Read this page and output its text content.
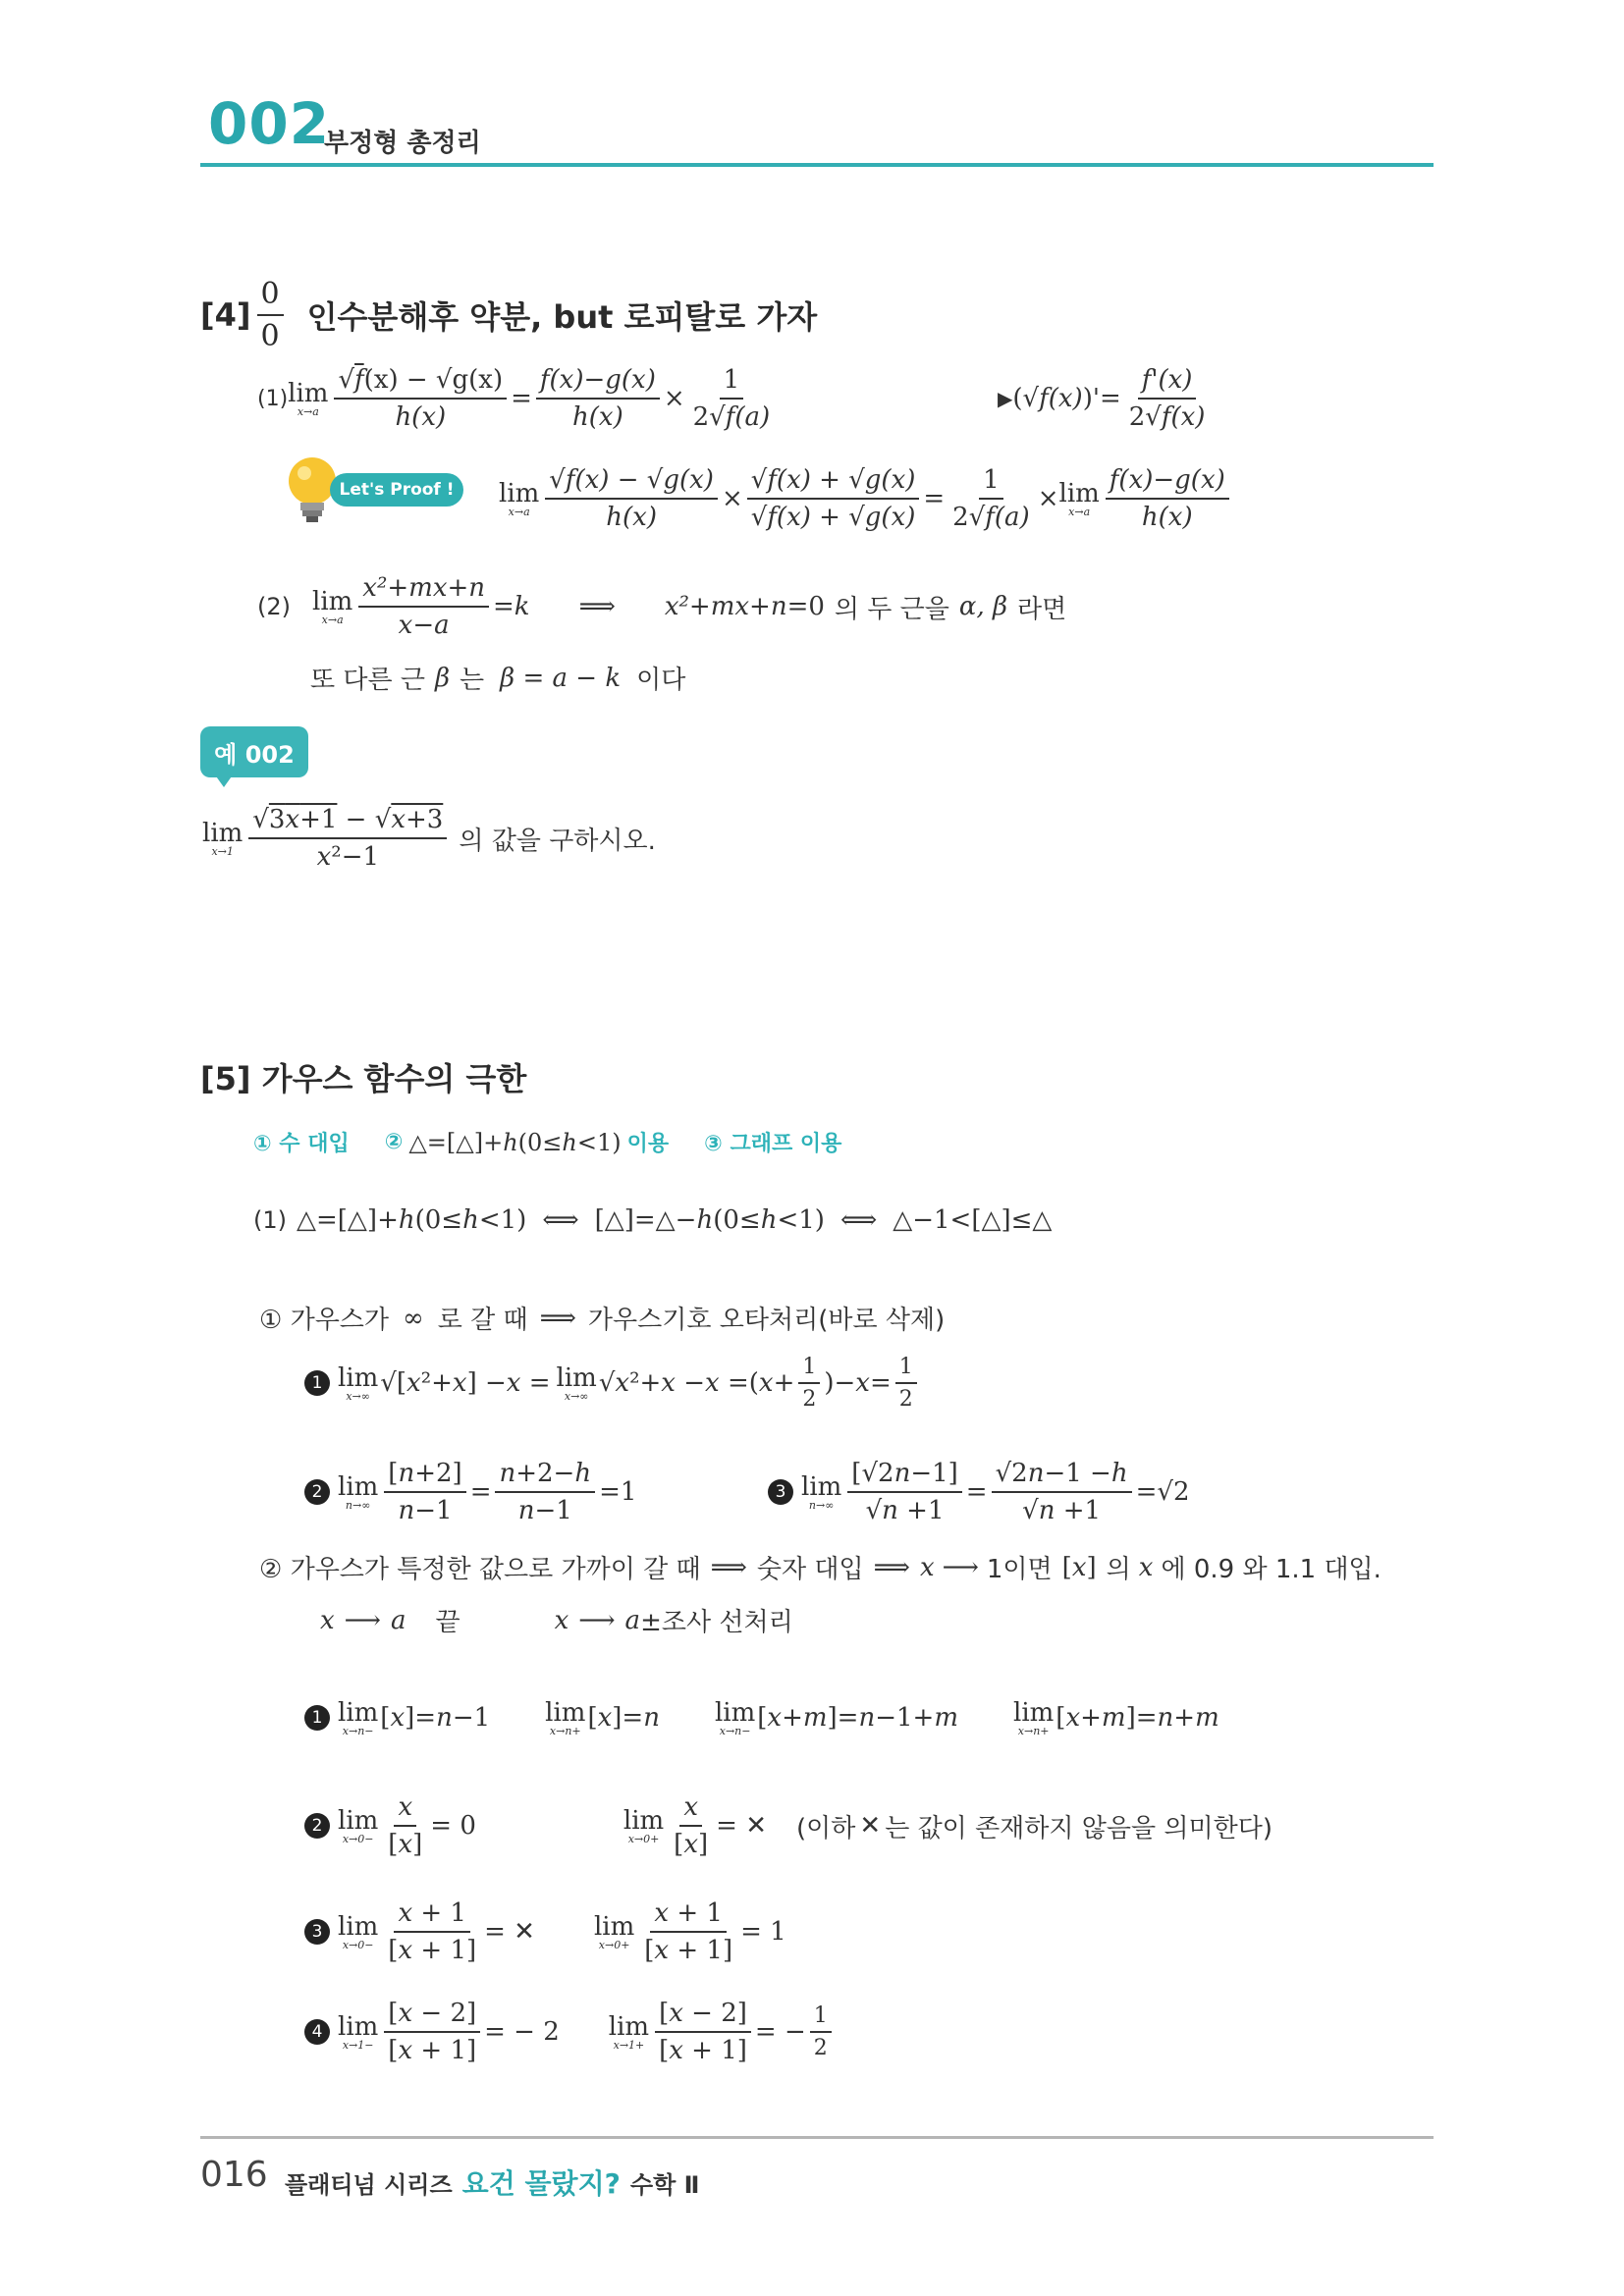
002
부정형 총정리
$[4] \frac{0}{0}$ 인수분해후 약분, but 로피탈로 가자
(1) lim
$x\to a \frac{√f(x) - √g(x)}{h(x)} = \frac{f(x)-g(x)}{h(x)} \times \frac{1}{2√f(a)}$	▶ $(√f(x))'= \frac{f'(x)}{2√f(x)}$
Let's Proof !	lim
$x\to a \frac{√f(x) - √g(x)}{h(x)} \times \frac{√f(x) + √g(x)}{√f(x) + √g(x)} = \frac{1}{2√f(a)} \times \lim$
$x\to a \frac{f(x)-g(x)}{h(x)}$
(2) lim
$x\to a \frac{\text{x²+mx+n}}{x-a} =k$ ⟹ x²+mx+n =0 의 두 근을 α, β 라면
또 다른 근 β 는 β = a − k 이다
예 002
lim
$x\to 1 \frac{√3x+1 - √x+3}{\text{x²−1}}$ 의 값을 구하시오.
[5] 가우스 함수의 극한
① 수 대입 ② △=[△]+h(0≤h<1) 이용 ③ 그래프 이용
(1) △=[△]+h(0≤h<1) ⟺ [△]=△−h(0≤h<1) ⟺ △−1<[△]≤△
① 가우스가 ∞ 로 갈 때 ⟹ 가우스기호 오타처리(바로 삭제)
1 lim
x→∞ √[x²+x] −x = lim
x→∞ $√x^2+x -x =(x+ \frac{1}{2} )-x= \frac{1}{2}$
2 lim
$n\to\infty \frac{[n+2]}{n-1} = \frac{n+2-h}{n-1} =1$	3 lim
$n\to\infty \frac{[√2n-1]}{√n +1} = \frac{√2n-1 -h}{√n +1} =√2$
② 가우스가 특정한 값으로 가까이 갈 때 ⟹ 숫자 대입 ⟹ x ⟶ 1이면 [x] 의 x 에 0.9 와 1.1 대입.
x ⟶ a 끝	x ⟶ a ±조사 선처리
1 lim
x→n− [x]=n−1 lim
x→n+ [x]=n lim
x→n− [x+m]=n−1+m lim
x→n+ [x+m]=n+m
2 lim
$x\to 0- \frac{x}{[x]} = 0$	lim
$x\to 0+ \frac{x}{[x]}$ = ✕ (이하 ✕ 는 값이 존재하지 않음을 의미한다)
3 lim
$x\to 0- \frac{x + 1}{[x + 1]}$ = ✕ lim
$x\to 0+ \frac{x + 1}{[x + 1]} = 1$
4 lim
$x\to 1- \frac{[x - 2]}{[x + 1]}$ = − 2 lim
$x\to 1+ \frac{[x - 2]}{[x + 1]}$ = − $\frac{1}{2}$
016 플래티넘 시리즈 요건 몰랐지? 수학 Ⅱ
